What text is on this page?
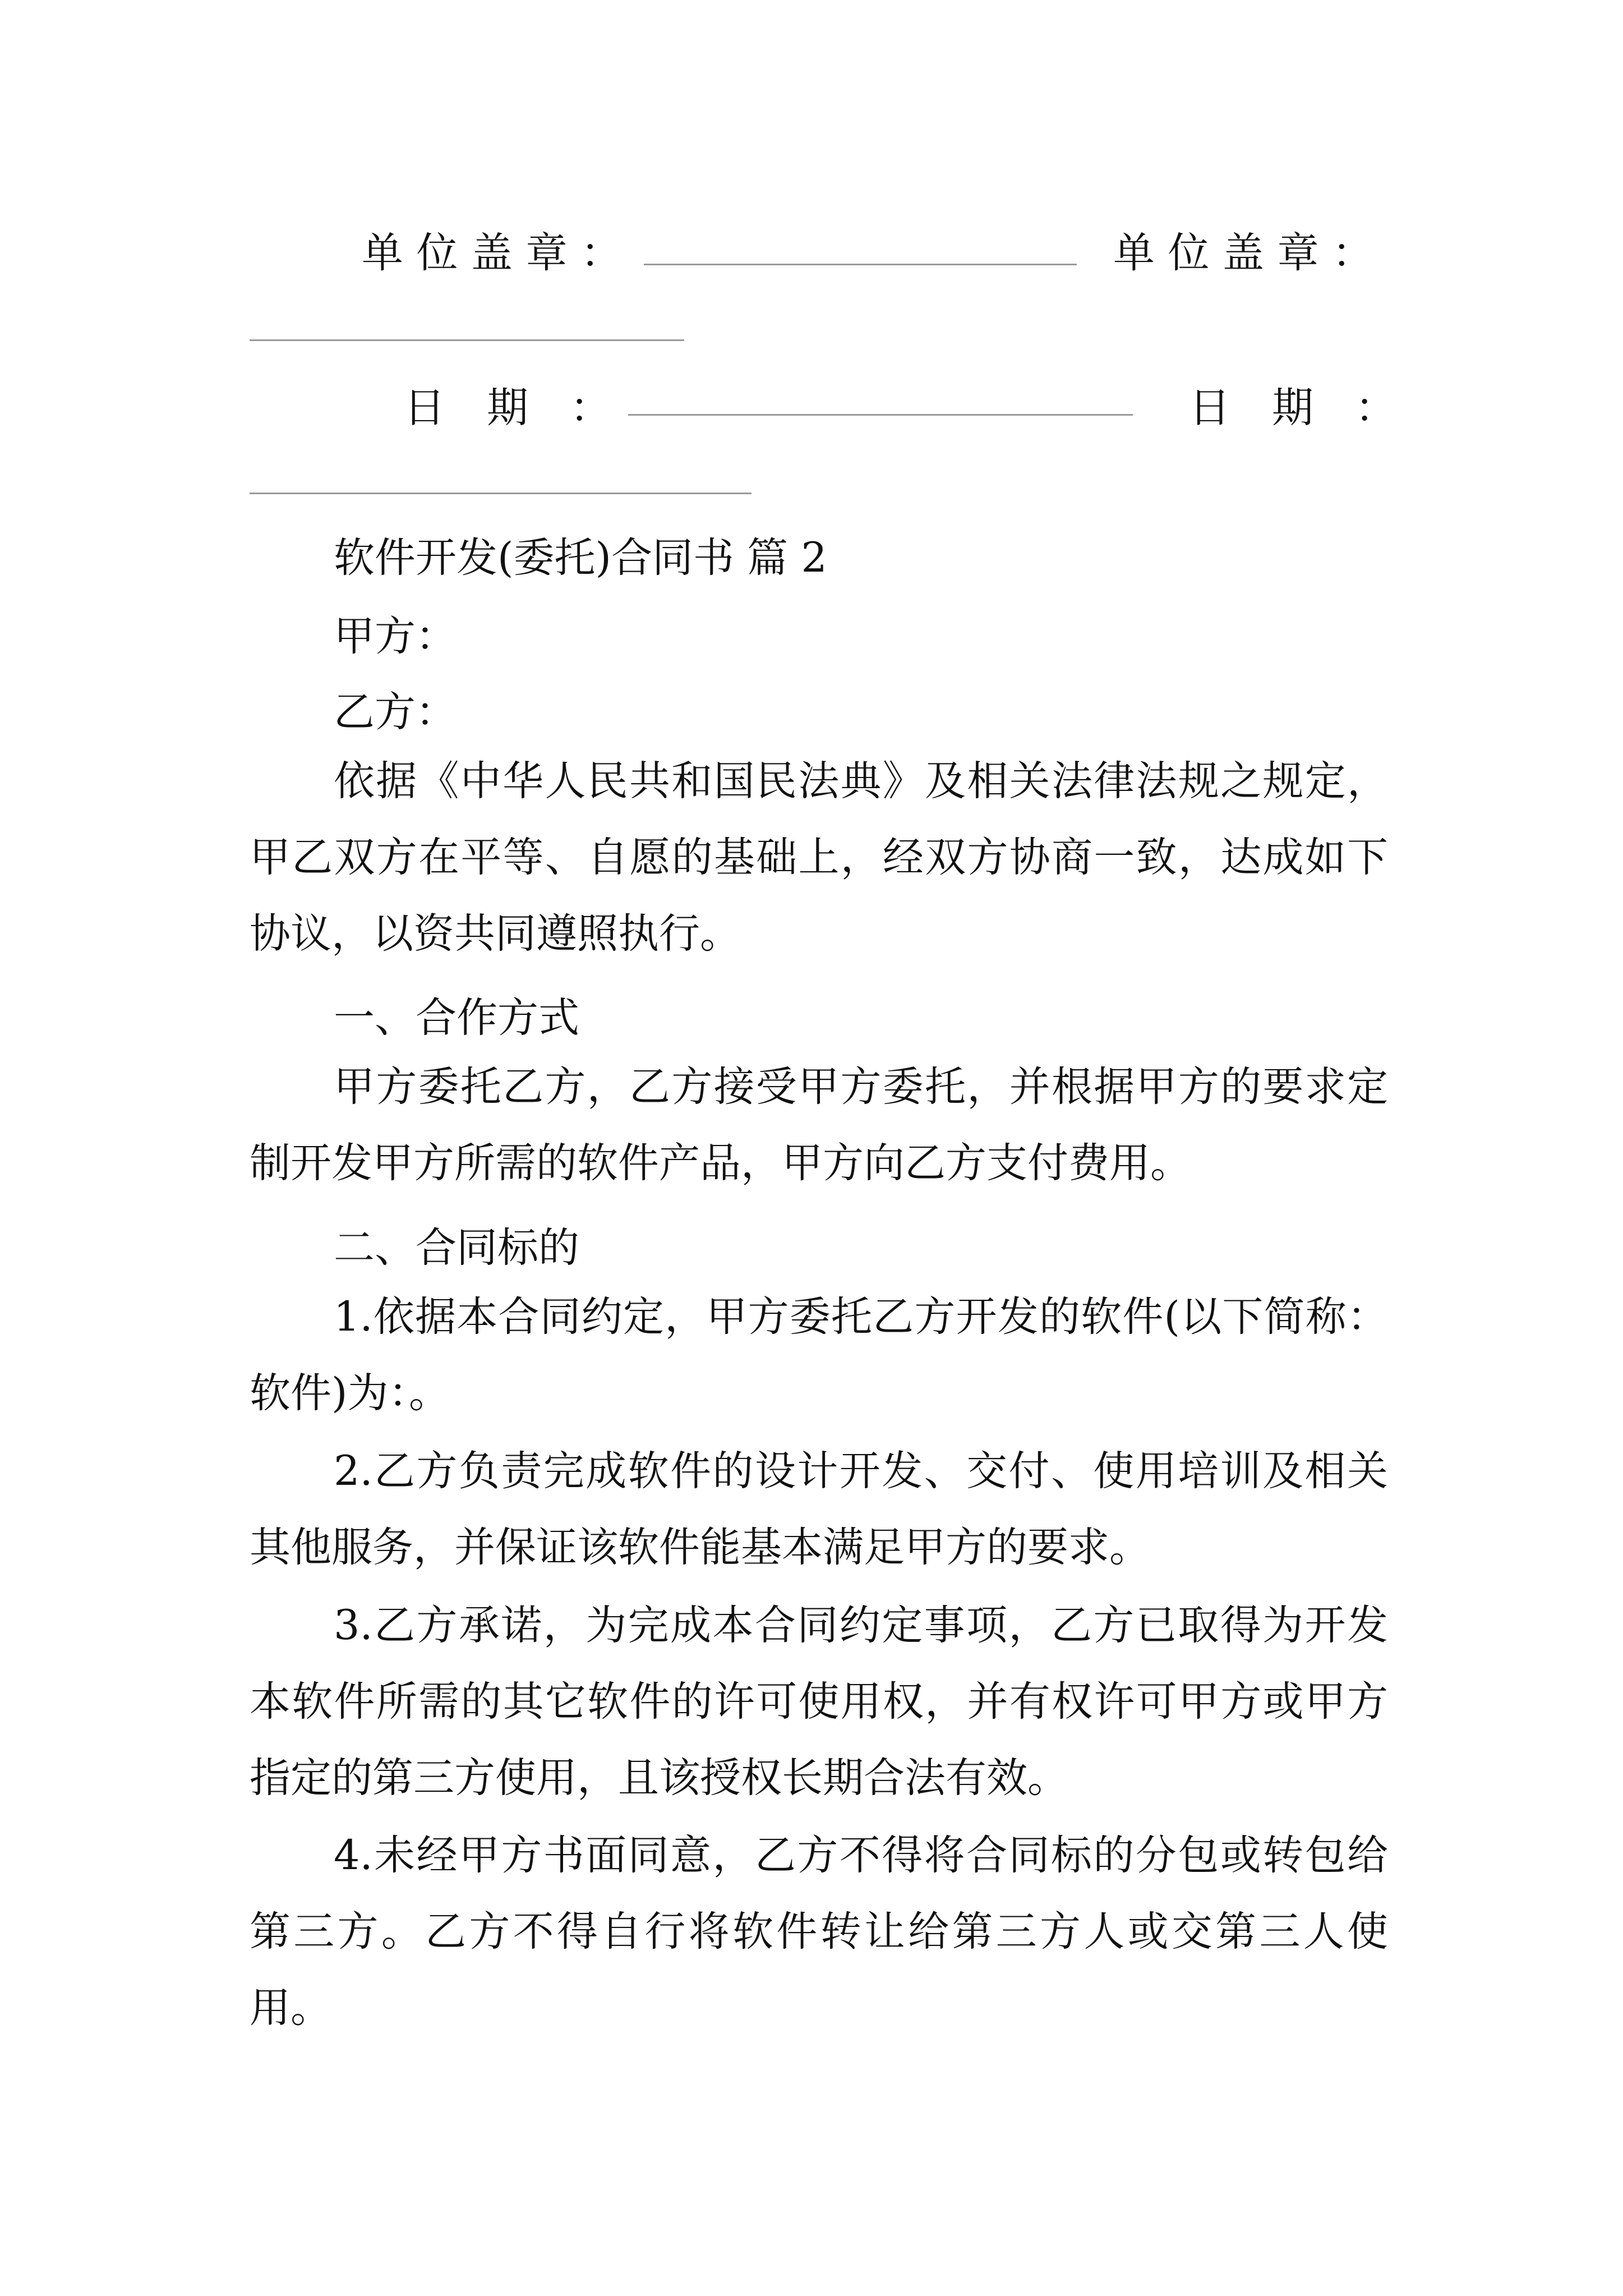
单 位 盖 章 ：	单 位 盖 章 ：
日　期　：	日　期　：
软件开发(委托)合同书 篇 2
甲方：
乙方：
依据《中华人民共和国民法典》及相关法律法规之规定，甲乙双方在平等、自愿的基础上，经双方协商一致，达成如下协议，以资共同遵照执行。
一、合作方式
甲方委托乙方，乙方接受甲方委托，并根据甲方的要求定制开发甲方所需的软件产品，甲方向乙方支付费用。
二、合同标的
1.依据本合同约定，甲方委托乙方开发的软件(以下简称：软件)为：。
2.乙方负责完成软件的设计开发、交付、使用培训及相关其他服务，并保证该软件能基本满足甲方的要求。
3.乙方承诺，为完成本合同约定事项，乙方已取得为开发本软件所需的其它软件的许可使用权，并有权许可甲方或甲方指定的第三方使用，且该授权长期合法有效。
4.未经甲方书面同意，乙方不得将合同标的分包或转包给第三方。乙方不得自行将软件转让给第三方人或交第三人使用。
